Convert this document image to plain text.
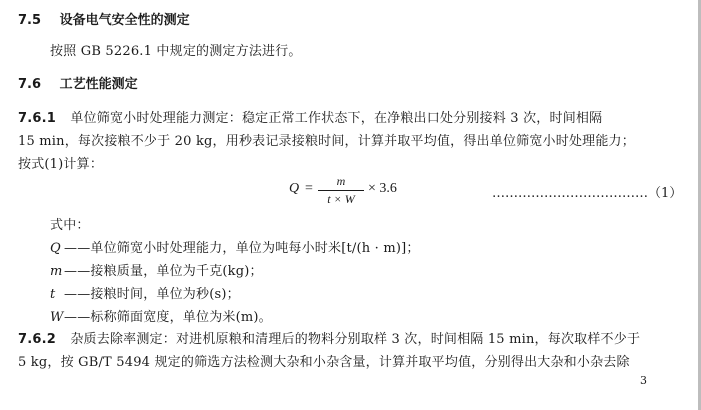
7.5 设备电气安全性的测定
按照 GB 5226.1 中规定的测定方法进行。
7.6 工艺性能测定
7.6.1 单位筛宽小时处理能力测定：稳定正常工作状态下，在净粮出口处分别接料 3 次，时间相隔
15 min，每次接粮不少于 20 kg，用秒表记录接粮时间，计算并取平均值，得出单位筛宽小时处理能力；
按式(1)计算：
Q =	m
t × W
× 3.6	………………………………（1）
式中：
Q ——单位筛宽小时处理能力，单位为吨每小时米[t/(h · m)]；
m——接粮质量，单位为千克(kg)；
t ——接粮时间，单位为秒(s)；
W——标称筛面宽度，单位为米(m)。
7.6.2 杂质去除率测定：对进机原粮和清理后的物料分别取样 3 次，时间相隔 15 min，每次取样不少于
5 kg，按 GB/T 5494 规定的筛选方法检测大杂和小杂含量，计算并取平均值，分别得出大杂和小杂去除
3
